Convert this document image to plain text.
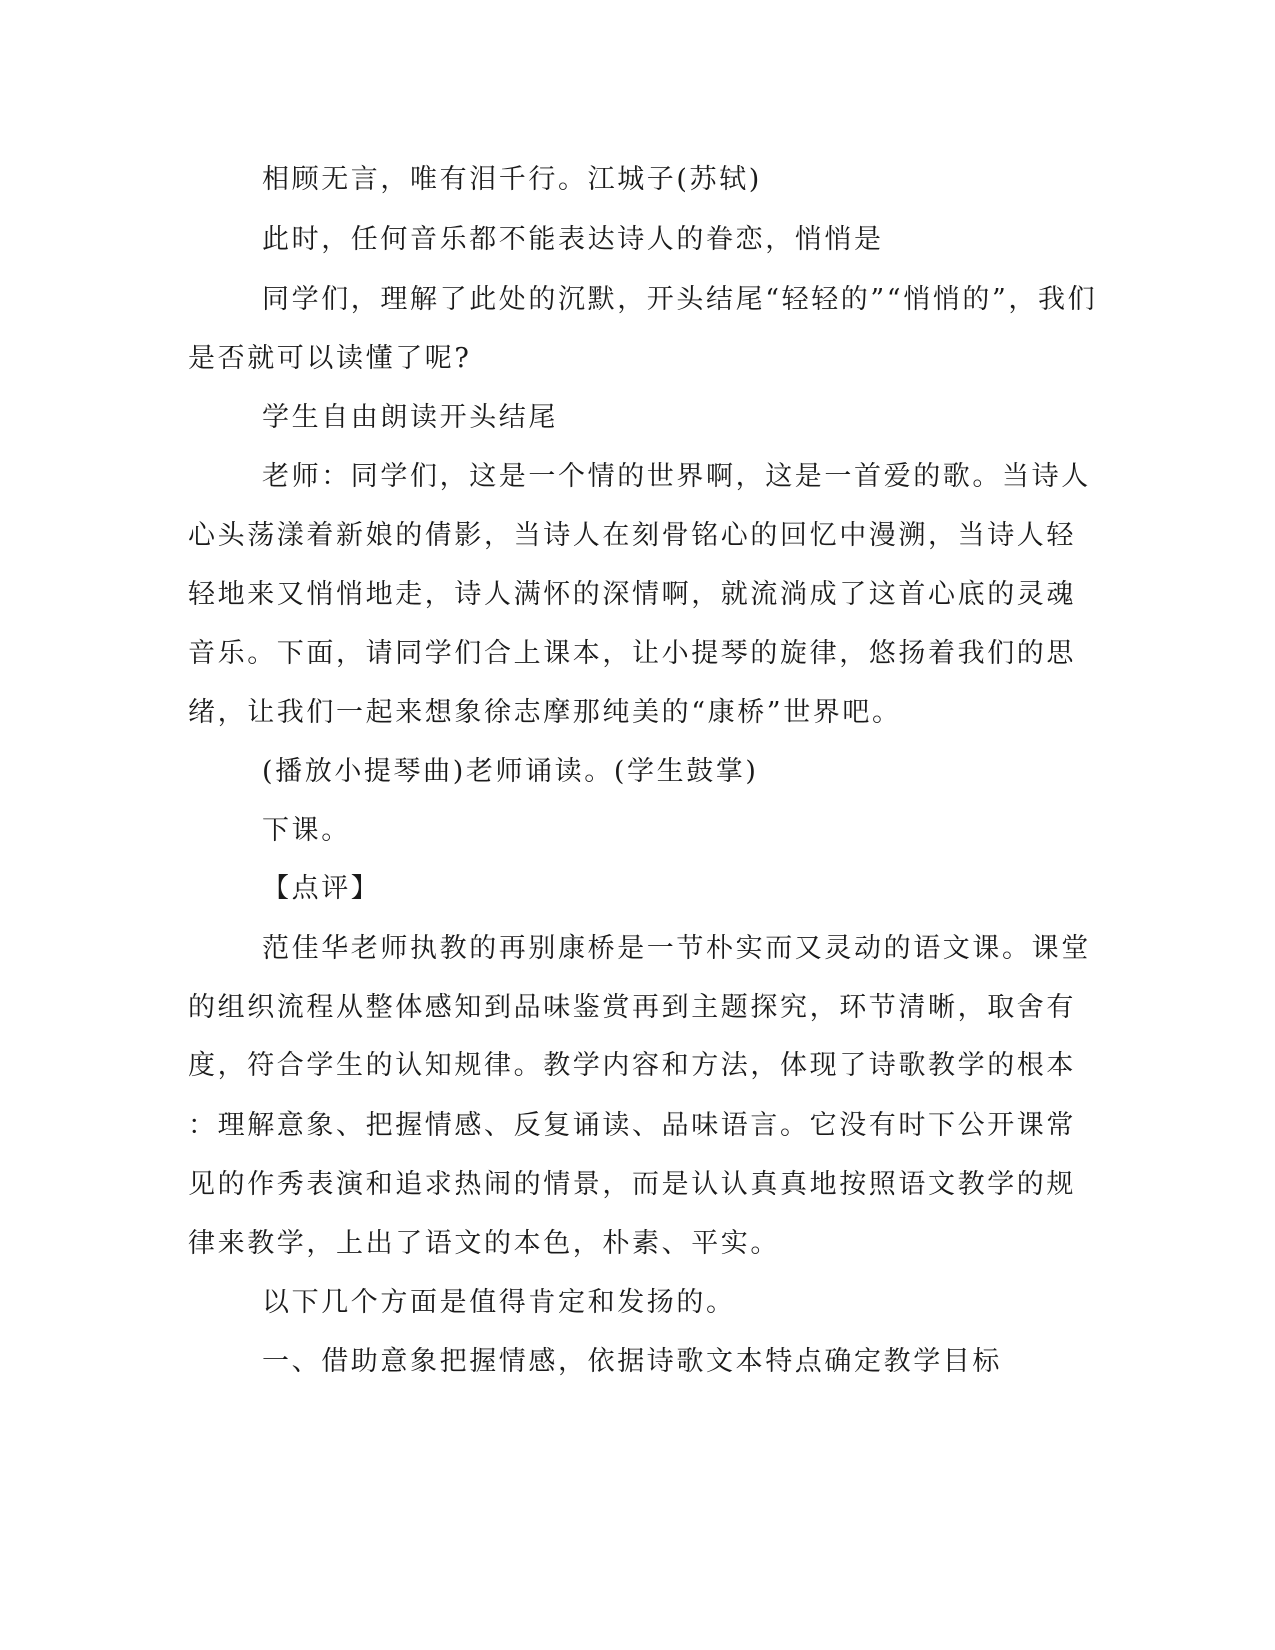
相顾无言，唯有泪千行。江城子(苏轼)

此时，任何音乐都不能表达诗人的眷恋，悄悄是

同学们，理解了此处的沉默，开头结尾“轻轻的”“悄悄的”，我们

是否就可以读懂了呢?

学生自由朗读开头结尾

老师：同学们，这是一个情的世界啊，这是一首爱的歌。当诗人

心头荡漾着新娘的倩影，当诗人在刻骨铭心的回忆中漫溯，当诗人轻

轻地来又悄悄地走，诗人满怀的深情啊，就流淌成了这首心底的灵魂

音乐。下面，请同学们合上课本，让小提琴的旋律，悠扬着我们的思

绪，让我们一起来想象徐志摩那纯美的“康桥”世界吧。

(播放小提琴曲)老师诵读。(学生鼓掌)

下课。

【点评】

范佳华老师执教的再别康桥是一节朴实而又灵动的语文课。课堂

的组织流程从整体感知到品味鉴赏再到主题探究，环节清晰，取舍有

度，符合学生的认知规律。教学内容和方法，体现了诗歌教学的根本

：理解意象、把握情感、反复诵读、品味语言。它没有时下公开课常

见的作秀表演和追求热闹的情景，而是认认真真地按照语文教学的规

律来教学，上出了语文的本色，朴素、平实。

以下几个方面是值得肯定和发扬的。

一、借助意象把握情感，依据诗歌文本特点确定教学目标
